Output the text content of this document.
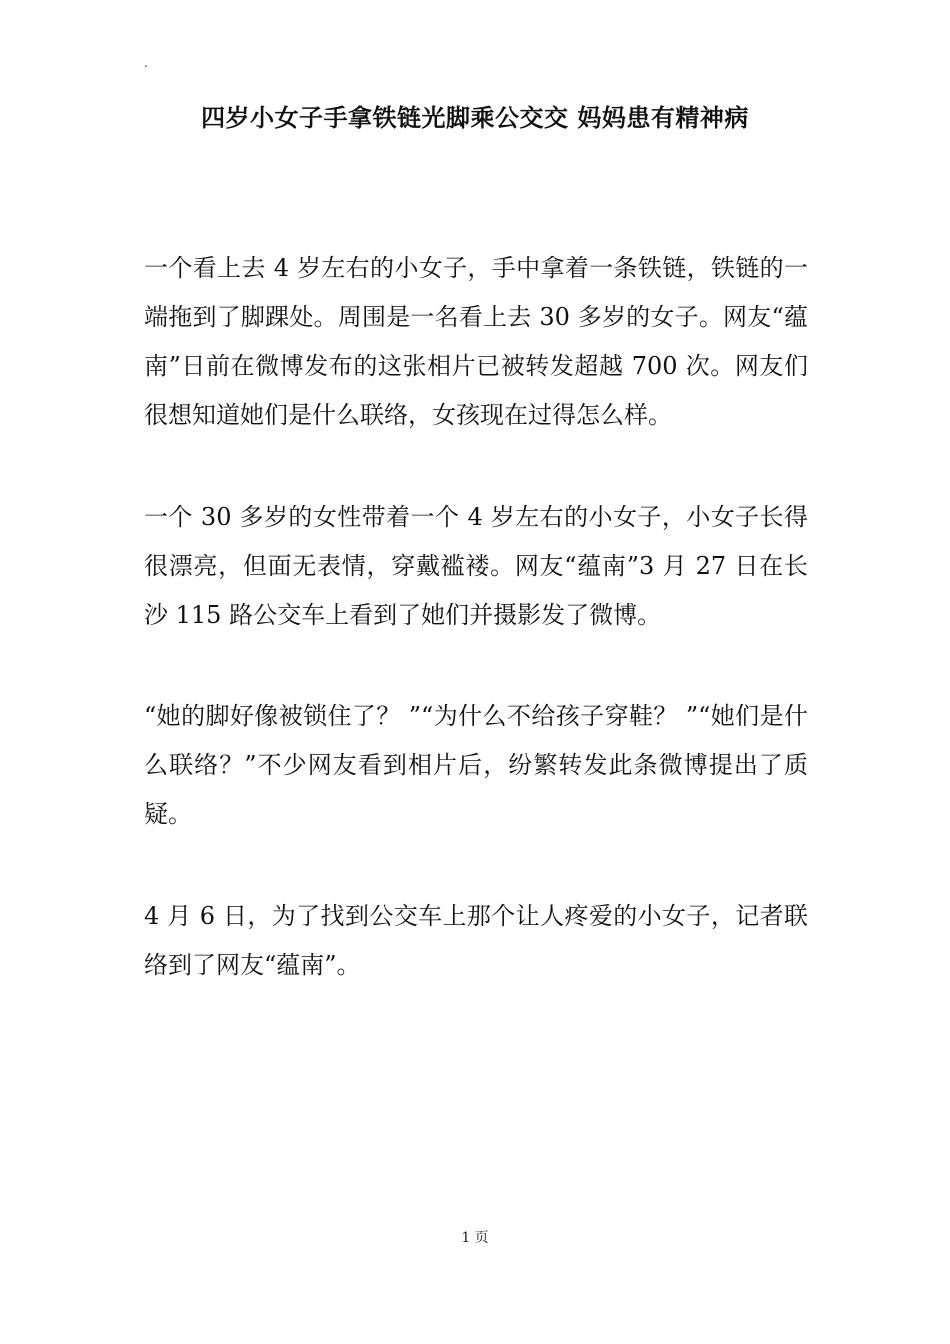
.
四岁小女子手拿铁链光脚乘公交交 妈妈患有精神病

一个看上去 4 岁左右的小女子，手中拿着一条铁链，铁链的一端拖到了脚踝处。周围是一名看上去 30 多岁的女子。网友“蕴南”日前在微博发布的这张相片已被转发超越 700 次。网友们很想知道她们是什么联络，女孩现在过得怎么样。

一个 30 多岁的女性带着一个 4 岁左右的小女子，小女子长得很漂亮，但面无表情，穿戴褴褛。网友“蕴南”3 月 27 日在长沙 115 路公交车上看到了她们并摄影发了微博。

“她的脚好像被锁住了？ ”“为什么不给孩子穿鞋？ ”“她们是什么联络？”不少网友看到相片后，纷繁转发此条微博提出了质疑。

4 月 6 日，为了找到公交车上那个让人疼爱的小女子，记者联络到了网友“蕴南”。

1 页
